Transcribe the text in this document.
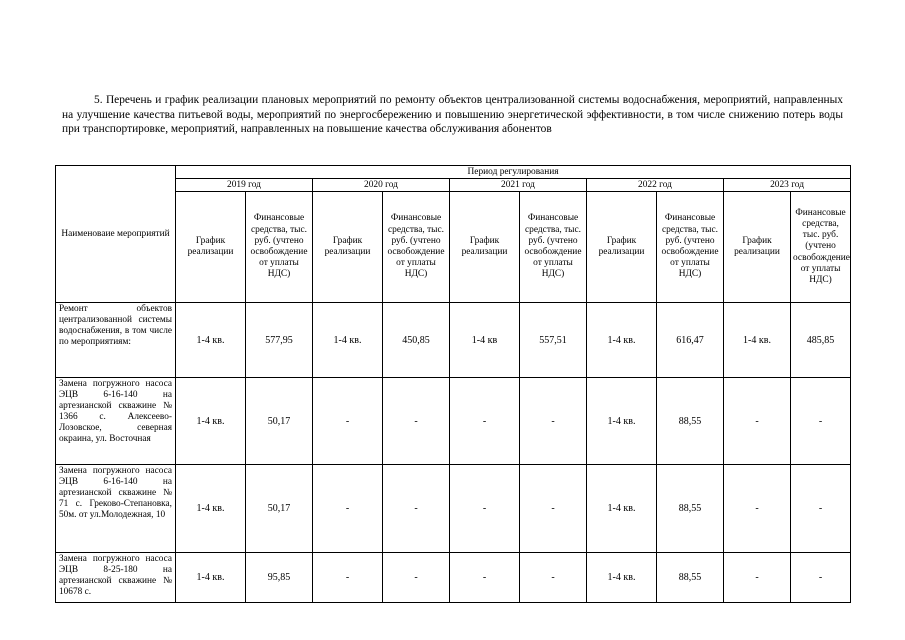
5. Перечень и график реализации плановых мероприятий по ремонту объектов централизованной системы водоснабжения, мероприятий, направленных на улучшение качества питьевой воды, мероприятий по энергосбережению и повышению энергетической эффективности, в том числе снижению потерь воды при транспортировке, мероприятий, направленных на повышение качества обслуживания абонентов

Наименоваие мероприятий	Период регулирования									
	2019 год		2020 год		2021 год		2022 год		2023 год	
	График реализации	Финансовые средства, тыс. руб. (учтено освобождение от уплаты НДС)	График реализации	Финансовые средства, тыс. руб. (учтено освобождение от уплаты НДС)	График реализации	Финансовые средства, тыс. руб. (учтено освобождение от уплаты НДС)	График реализации	Финансовые средства, тыс. руб. (учтено освобождение от уплаты НДС)	График реализации	Финансовые средства, тыс. руб. (учтено освобождение от уплаты НДС)
Ремонт объектов централизованной системы водоснабжения, в том числе по мероприятиям:	1-4 кв.	577,95	1-4 кв.	450,85	1-4 кв	557,51	1-4 кв.	616,47	1-4 кв.	485,85
Замена погружного насоса ЭЦВ 6-16-140 на артезианской скважине № 1366 с. Алексеево-Лозовское, северная окраина, ул. Восточная	1-4 кв.	50,17	-	-	-	-	1-4 кв.	88,55	-	-
Замена погружного насоса ЭЦВ 6-16-140 на артезианской скважине № 71 с. Греково-Степановка, 50м. от ул.Молодежная, 10	1-4 кв.	50,17	-	-	-	-	1-4 кв.	88,55	-	-
Замена погружного насоса ЭЦВ 8-25-180 на артезианской скважине № 10678 с.	1-4 кв.	95,85	-	-	-	-	1-4 кв.	88,55	-	-
